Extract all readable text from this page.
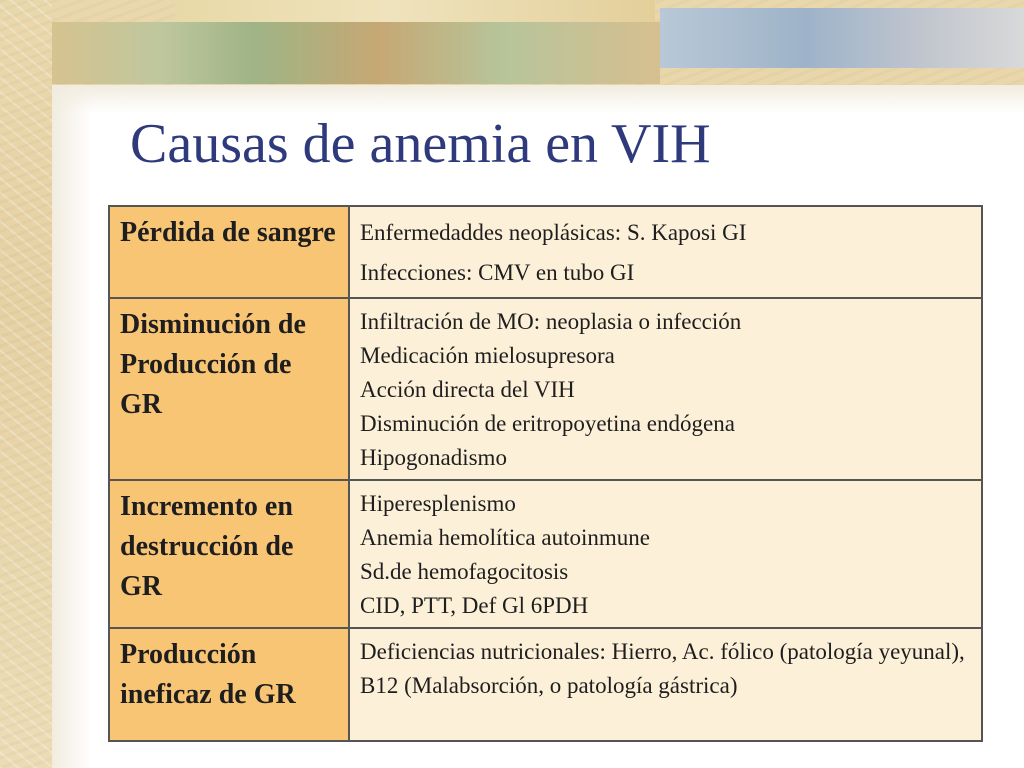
Causas de anemia en VIH
Pérdida de sangre	Enfermedaddes neoplásicas: S. Kaposi GI
Infecciones: CMV en tubo GI

Disminución de Producción de GR	Infiltración de MO: neoplasia o infección
Medicación mielosupresora
Acción directa del VIH
Disminución de eritropoyetina endógena
Hipogonadismo

Incremento en destrucción de GR	Hiperesplenismo
Anemia hemolítica autoinmune
Sd.de hemofagocitosis
CID, PTT, Def Gl 6PDH

Producción ineficaz de GR	Deficiencias nutricionales: Hierro, Ac. fólico (patología yeyunal), B12 (Malabsorción, o patología gástrica)
